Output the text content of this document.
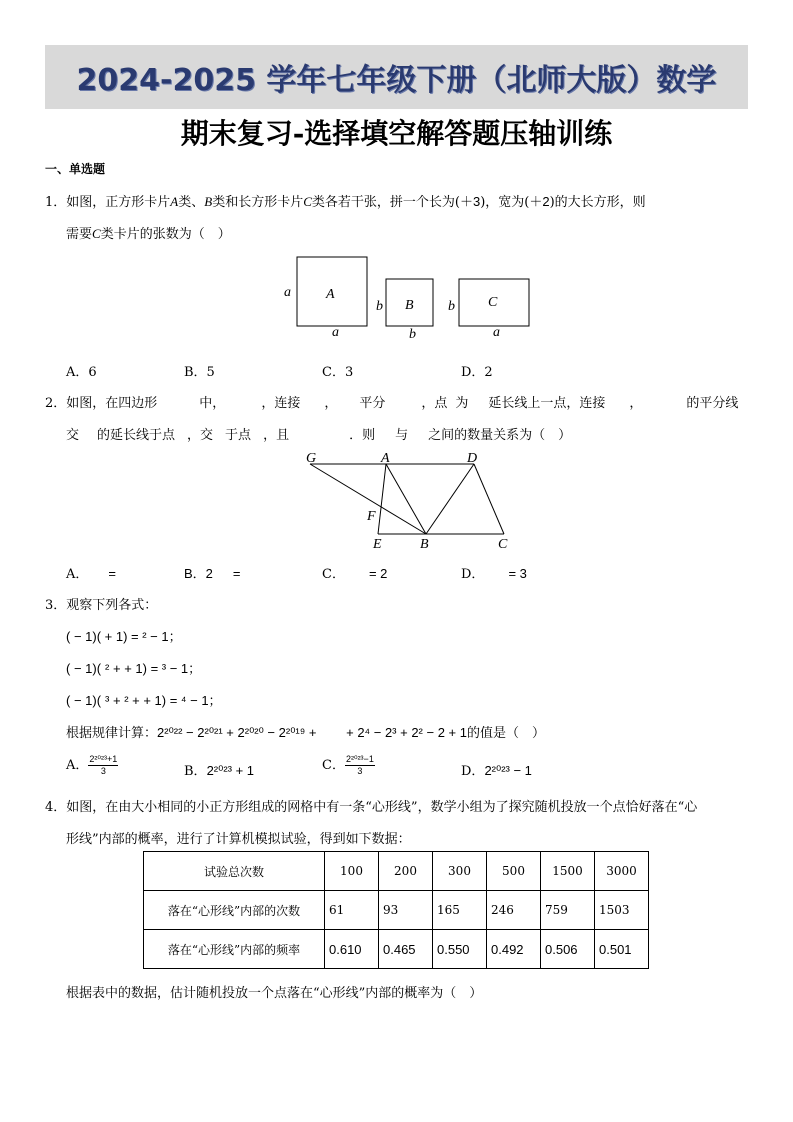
2024-2025 学年七年级下册（北师大版）数学
期末复习-选择填空解答题压轴训练
一、单选题
1．如图，正方形卡片A类、B类和长方形卡片C类各若干张，拼一个长为(＋3)，宽为(＋2)的大长方形，则
需要C类卡片的张数为（　）
a	A
a
b B
b
b C
a
A．6	B．5	C．3	D．2
2．如图，在四边形	中，	，连接 ， 平分	，点 为 延长线上一点，连接 ，	的平分线
交 的延长线于点 ，交 于点 ，且	．则 与 之间的数量关系为（　）
G	A	D
F
E	B	C
A． =	B．2 =	C． = 2	D． = 3
3．观察下列各式：
( − 1)( + 1) = ² − 1；
( − 1)( ² + + 1) = ³ − 1；
( − 1)( ³ + ² + + 1) = ⁴ − 1；
根据规律计算：2²⁰²² − 2²⁰²¹ + 2²⁰²⁰ − 2²⁰¹⁹ +　　 + 2⁴ − 2³ + 2² − 2 + 1的值是（　）
A． $\frac{\text{2²⁰²³+1}}{3}$	B．2²⁰²³ + 1	C． $\frac{\text{2²⁰²³−1}}{3}$	D．2²⁰²³ − 1
4．如图，在由大小相同的小正方形组成的网格中有一条“心形线”，数学小组为了探究随机投放一个点恰好落在“心
形线”内部的概率，进行了计算机模拟试验，得到如下数据：
试验总次数	100	200	300	500	1500	3000
落在“心形线”内部的次数	61	93	165	246	759	1503
落在“心形线”内部的频率	0.610	0.465	0.550	0.492	0.506	0.501
根据表中的数据，估计随机投放一个点落在“心形线”内部的概率为（　）
